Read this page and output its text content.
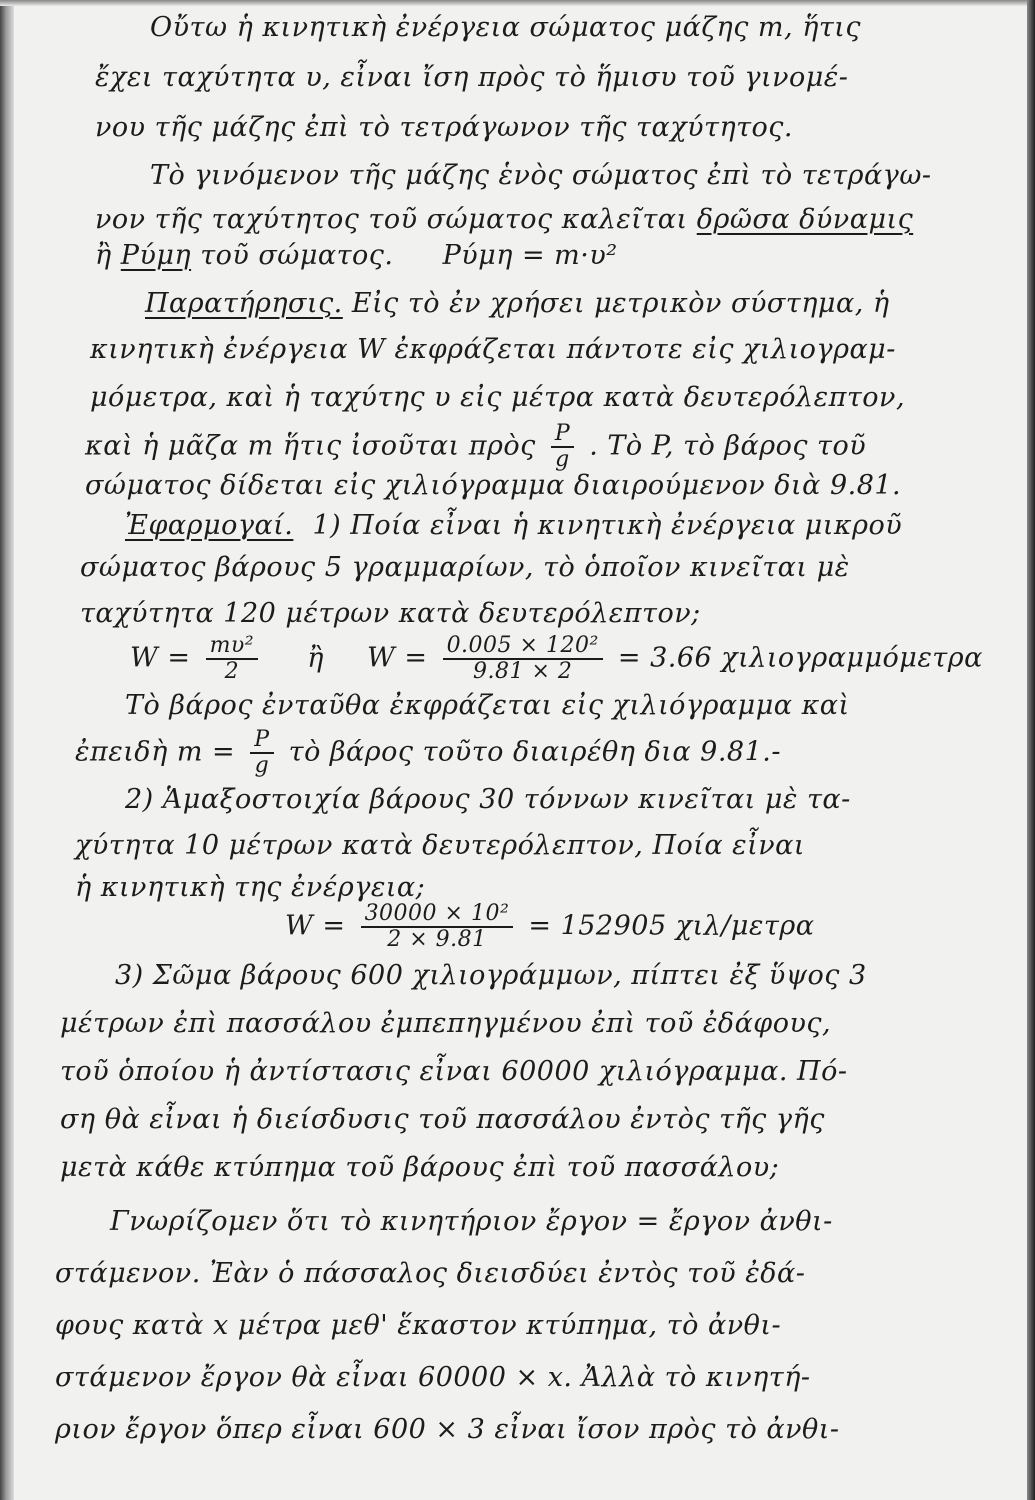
Οὔτω ἡ κινητικὴ ἐνέργεια σώματος μάζης m, ἥτις
ἔχει ταχύτητα υ, εἶναι ἴση πρὸς τὸ ἥμισυ τοῦ γινομέ-
νου τῆς μάζης ἐπὶ τὸ τετράγωνον τῆς ταχύτητος.
Τὸ γινόμενον τῆς μάζης ἑνὸς σώματος ἐπὶ τὸ τετράγω-
νον τῆς ταχύτητος τοῦ σώματος καλεῖται δρῶσα δύναμις
ἢ Ρύμη τοῦ σώματος. Ρύμη = m·υ²
Παρατήρησις. Εἰς τὸ ἐν χρήσει μετρικὸν σύστημα, ἡ
κινητικὴ ἐνέργεια W ἐκφράζεται πάντοτε εἰς χιλιογραμ-
μόμετρα, καὶ ἡ ταχύτης υ εἰς μέτρα κατὰ δευτερόλεπτον,
καὶ ἡ μᾶζα m ἥτις ἰσοῦται πρὸς $\frac{P}{g}$ . Τὸ P, τὸ βάρος τοῦ
σώματος δίδεται εἰς χιλιόγραμμα διαιρούμενον διὰ 9.81.
Ἐφαρμογαί. 1) Ποία εἶναι ἡ κινητικὴ ἐνέργεια μικροῦ
σώματος βάρους 5 γραμμαρίων, τὸ ὁποῖον κινεῖται μὲ
ταχύτητα 120 μέτρων κατὰ δευτερόλεπτον;
$W = \frac{\text{mυ²}}{2}$ ἢ $W = \frac{\text{0.005 × 120²}}{9.81 \times 2} = 3.66$ χιλιογραμμόμετρα
Τὸ βάρος ἐνταῦθα ἐκφράζεται εἰς χιλιόγραμμα καὶ
ἐπειδὴ $m = \frac{P}{g}$ τὸ βάρος τοῦτο διαιρέθη δια 9.81.-
2) Ἁμαξοστοιχία βάρους 30 τόννων κινεῖται μὲ τα-
χύτητα 10 μέτρων κατὰ δευτερόλεπτον, Ποία εἶναι
ἡ κινητικὴ της ἐνέργεια;
$W = \frac{\text{30000 × 10²}}{2 \times 9.81} = 152905$ χιλ/μετρα
3) Σῶμα βάρους 600 χιλιογράμμων, πίπτει ἐξ ὕψος 3
μέτρων ἐπὶ πασσάλου ἐμπεπηγμένου ἐπὶ τοῦ ἐδάφους,
τοῦ ὁποίου ἡ ἀντίστασις εἶναι 60000 χιλιόγραμμα. Πό-
ση θὰ εἶναι ἡ διείσδυσις τοῦ πασσάλου ἐντὸς τῆς γῆς
μετὰ κάθε κτύπημα τοῦ βάρους ἐπὶ τοῦ πασσάλου;
Γνωρίζομεν ὅτι τὸ κινητήριον ἔργον = ἔργον ἀνθι-
στάμενον. Ἐὰν ὁ πάσσαλος διεισδύει ἐντὸς τοῦ ἐδά-
φους κατὰ x μέτρα μεθ' ἕκαστον κτύπημα, τὸ ἀνθι-
στάμενον ἔργον θὰ εἶναι 60000 × x. Ἀλλὰ τὸ κινητή-
ριον ἔργον ὅπερ εἶναι 600 × 3 εἶναι ἴσον πρὸς τὸ ἀνθι-
